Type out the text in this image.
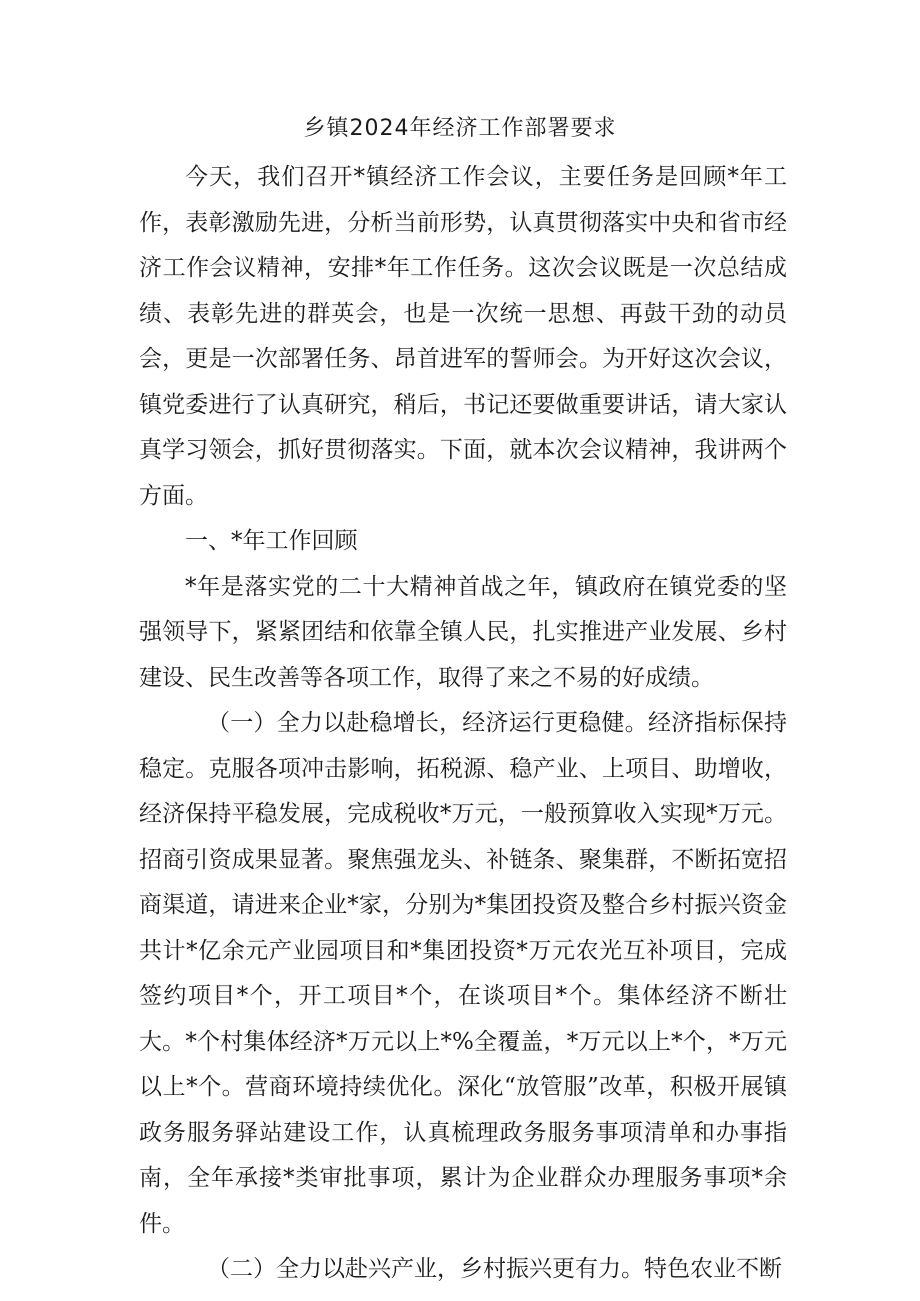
乡镇2024年经济工作部署要求

今天，我们召开*镇经济工作会议，主要任务是回顾*年工作，表彰激励先进，分析当前形势，认真贯彻落实中央和省市经济工作会议精神，安排*年工作任务。这次会议既是一次总结成绩、表彰先进的群英会，也是一次统一思想、再鼓干劲的动员会，更是一次部署任务、昂首进军的誓师会。为开好这次会议，镇党委进行了认真研究，稍后，书记还要做重要讲话，请大家认真学习领会，抓好贯彻落实。下面，就本次会议精神，我讲两个方面。

一、*年工作回顾

*年是落实党的二十大精神首战之年，镇政府在镇党委的坚强领导下，紧紧团结和依靠全镇人民，扎实推进产业发展、乡村建设、民生改善等各项工作，取得了来之不易的好成绩。

（一）全力以赴稳增长，经济运行更稳健。经济指标保持稳定。克服各项冲击影响，拓税源、稳产业、上项目、助增收，经济保持平稳发展，完成税收*万元，一般预算收入实现*万元。招商引资成果显著。聚焦强龙头、补链条、聚集群，不断拓宽招商渠道，请进来企业*家，分别为*集团投资及整合乡村振兴资金共计*亿余元产业园项目和*集团投资*万元农光互补项目，完成签约项目*个，开工项目*个，在谈项目*个。集体经济不断壮大。*个村集体经济*万元以上*%全覆盖，*万元以上*个，*万元以上*个。营商环境持续优化。深化“放管服”改革，积极开展镇政务服务驿站建设工作，认真梳理政务服务事项清单和办事指南，全年承接*类审批事项，累计为企业群众办理服务事项*余件。

（二）全力以赴兴产业，乡村振兴更有力。特色农业不断
